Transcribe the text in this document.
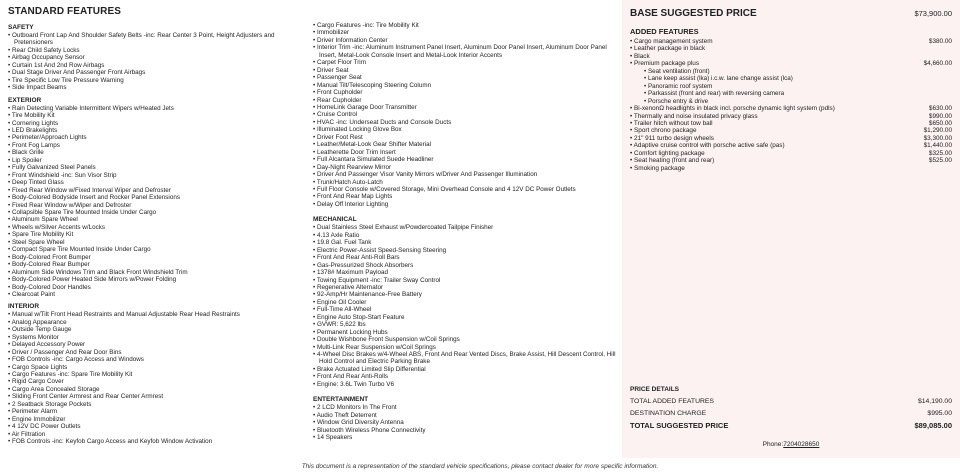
STANDARD FEATURES
SAFETY
• Outboard Front Lap And Shoulder Safety Belts -inc: Rear Center 3 Point, Height Adjusters and Pretensioners
• Rear Child Safety Locks
• Airbag Occupancy Sensor
• Curtain 1st And 2nd Row Airbags
• Dual Stage Driver And Passenger Front Airbags
• Tire Specific Low Tire Pressure Warning
• Side Impact Beams
EXTERIOR
• Rain Detecting Variable Intermittent Wipers w/Heated Jets
• Tire Mobility Kit
• Cornering Lights
• LED Brakelights
• Perimeter/Approach Lights
• Front Fog Lamps
• Black Grille
• Lip Spoiler
• Fully Galvanized Steel Panels
• Front Windshield -inc: Sun Visor Strip
• Deep Tinted Glass
• Fixed Rear Window w/Fixed Interval Wiper and Defroster
• Body-Colored Bodyside Insert and Rocker Panel Extensions
• Fixed Rear Window w/Wiper and Defroster
• Collapsible Spare Tire Mounted Inside Under Cargo
• Aluminum Spare Wheel
• Wheels w/Silver Accents w/Locks
• Spare Tire Mobility Kit
• Steel Spare Wheel
• Compact Spare Tire Mounted Inside Under Cargo
• Body-Colored Front Bumper
• Body-Colored Rear Bumper
• Aluminum Side Windows Trim and Black Front Windshield Trim
• Body-Colored Power Heated Side Mirrors w/Power Folding
• Body-Colored Door Handles
• Clearcoat Paint
INTERIOR
• Manual w/Tilt Front Head Restraints and Manual Adjustable Rear Head Restraints
• Analog Appearance
• Outside Temp Gauge
• Systems Monitor
• Delayed Accessory Power
• Driver / Passenger And Rear Door Bins
• FOB Controls -inc: Cargo Access and Windows
• Cargo Space Lights
• Cargo Features -inc: Spare Tire Mobility Kit
• Rigid Cargo Cover
• Cargo Area Concealed Storage
• Sliding Front Center Armrest and Rear Center Armrest
• 2 Seatback Storage Pockets
• Perimeter Alarm
• Engine Immobilizer
• 4 12V DC Power Outlets
• Air Filtration
• FOB Controls -inc: Keyfob Cargo Access and Keyfob Window Activation
• Cargo Features -inc: Tire Mobility Kit
• Immobilizer
• Driver Information Center
• Interior Trim -inc: Aluminum Instrument Panel Insert, Aluminum Door Panel Insert, Aluminum Door Panel Insert, Metal-Look Console Insert and Metal-Look Interior Accents
• Carpet Floor Trim
• Driver Seat
• Passenger Seat
• Manual Tilt/Telescoping Steering Column
• Front Cupholder
• Rear Cupholder
• HomeLink Garage Door Transmitter
• Cruise Control
• HVAC -inc: Underseat Ducts and Console Ducts
• Illuminated Locking Glove Box
• Driver Foot Rest
• Leather/Metal-Look Gear Shifter Material
• Leatherette Door Trim Insert
• Full Alcantara Simulated Suede Headliner
• Day-Night Rearview Mirror
• Driver And Passenger Visor Vanity Mirrors w/Driver And Passenger Illumination
• Trunk/Hatch Auto-Latch
• Full Floor Console w/Covered Storage, Mini Overhead Console and 4 12V DC Power Outlets
• Front And Rear Map Lights
• Delay Off Interior Lighting
MECHANICAL
• Dual Stainless Steel Exhaust w/Powdercoated Tailpipe Finisher
• 4.13 Axle Ratio
• 19.8 Gal. Fuel Tank
• Electric Power-Assist Speed-Sensing Steering
• Front And Rear Anti-Roll Bars
• Gas-Pressurized Shock Absorbers
• 1378# Maximum Payload
• Towing Equipment -inc: Trailer Sway Control
• Regenerative Alternator
• 92-Amp/Hr Maintenance-Free Battery
• Engine Oil Cooler
• Full-Time All-Wheel
• Engine Auto Stop-Start Feature
• GVWR: 5,622 lbs
• Permanent Locking Hubs
• Double Wishbone Front Suspension w/Coil Springs
• Multi-Link Rear Suspension w/Coil Springs
• 4-Wheel Disc Brakes w/4-Wheel ABS, Front And Rear Vented Discs, Brake Assist, Hill Descent Control, Hill Hold Control and Electric Parking Brake
• Brake Actuated Limited Slip Differential
• Front And Rear Anti-Rolls
• Engine: 3.6L Twin Turbo V6
ENTERTAINMENT
• 2 LCD Monitors In The Front
• Audio Theft Deterrent
• Window Grid Diversity Antenna
• Bluetooth Wireless Phone Connectivity
• 14 Speakers
BASE SUGGESTED PRICE	$73,900.00
ADDED FEATURES
• Cargo management system	$380.00
• Leather package in black
• Black
• Premium package plus	$4,660.00
• Seat ventilation (front)
• Lane keep assist (lka) i.c.w. lane change assist (lca)
• Panoramic roof system
• Parkassist (front and rear) with reversing camera
• Porsche entry & drive
• Bi-xenonΩ headlights in black incl. porsche dynamic light system (pdls)	$630.00
• Thermally and noise insulated privacy glass	$990.00
• Trailer hitch without tow ball	$650.00
• Sport chrono package	$1,290.00
• 21" 911 turbo design wheels	$3,300.00
• Adaptive cruise control with porsche active safe (pas)	$1,440.00
• Comfort lighting package	$325.00
• Seat heating (front and rear)	$525.00
• Smoking package
PRICE DETAILS
TOTAL ADDED FEATURES	$14,190.00
DESTINATION CHARGE	$995.00
TOTAL SUGGESTED PRICE	$89,085.00
Phone:7204028650
This document is a representation of the standard vehicle specifications, please contact dealer for more specific information.
